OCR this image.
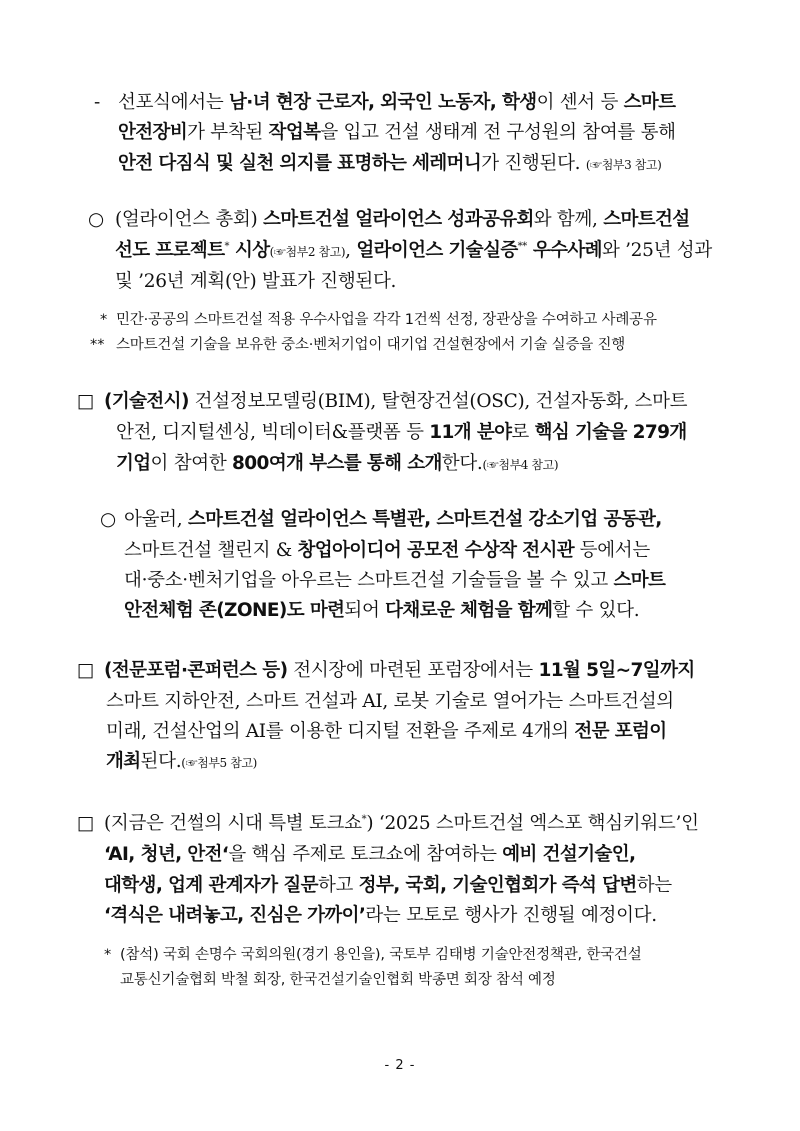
- 선포식에서는 남·녀 현장 근로자, 외국인 노동자, 학생이 센서 등 스마트
안전장비가 부착된 작업복을 입고 건설 생태계 전 구성원의 참여를 통해
안전 다짐식 및 실천 의지를 표명하는 세레머니가 진행된다. (☞첨부3 참고)
○ (얼라이언스 총회) 스마트건설 얼라이언스 성과공유회와 함께, 스마트건설
선도 프로젝트* 시상(☞첨부2 참고), 얼라이언스 기술실증** 우수사례와 ’25년 성과
및 ’26년 계획(안) 발표가 진행된다.
* 민간·공공의 스마트건설 적용 우수사업을 각각 1건씩 선정, 장관상을 수여하고 사례공유
** 스마트건설 기술을 보유한 중소·벤처기업이 대기업 건설현장에서 기술 실증을 진행
□ (기술전시) 건설정보모델링(BIM), 탈현장건설(OSC), 건설자동화, 스마트
안전, 디지털센싱, 빅데이터&플랫폼 등 11개 분야로 핵심 기술을 279개
기업이 참여한 800여개 부스를 통해 소개한다.(☞첨부4 참고)
○ 아울러, 스마트건설 얼라이언스 특별관, 스마트건설 강소기업 공동관,
스마트건설 챌린지 & 창업아이디어 공모전 수상작 전시관 등에서는
대·중소·벤처기업을 아우르는 스마트건설 기술들을 볼 수 있고 스마트
안전체험 존(ZONE)도 마련되어 다채로운 체험을 함께할 수 있다.
□ (전문포럼·콘퍼런스 등) 전시장에 마련된 포럼장에서는 11월 5일~7일까지
스마트 지하안전, 스마트 건설과 AI, 로봇 기술로 열어가는 스마트건설의
미래, 건설산업의 AI를 이용한 디지털 전환을 주제로 4개의 전문 포럼이
개최된다.(☞첨부5 참고)
□ (지금은 건썰의 시대 특별 토크쇼*) ‘2025 스마트건설 엑스포 핵심키워드’인
‘AI, 청년, 안전‘을 핵심 주제로 토크쇼에 참여하는 예비 건설기술인,
대학생, 업계 관계자가 질문하고 정부, 국회, 기술인협회가 즉석 답변하는
‘격식은 내려놓고, 진심은 가까이’라는 모토로 행사가 진행될 예정이다.
* (참석) 국회 손명수 국회의원(경기 용인을), 국토부 김태병 기술안전정책관, 한국건설
교통신기술협회 박철 회장, 한국건설기술인협회 박종면 회장 참석 예정
- 2 -
